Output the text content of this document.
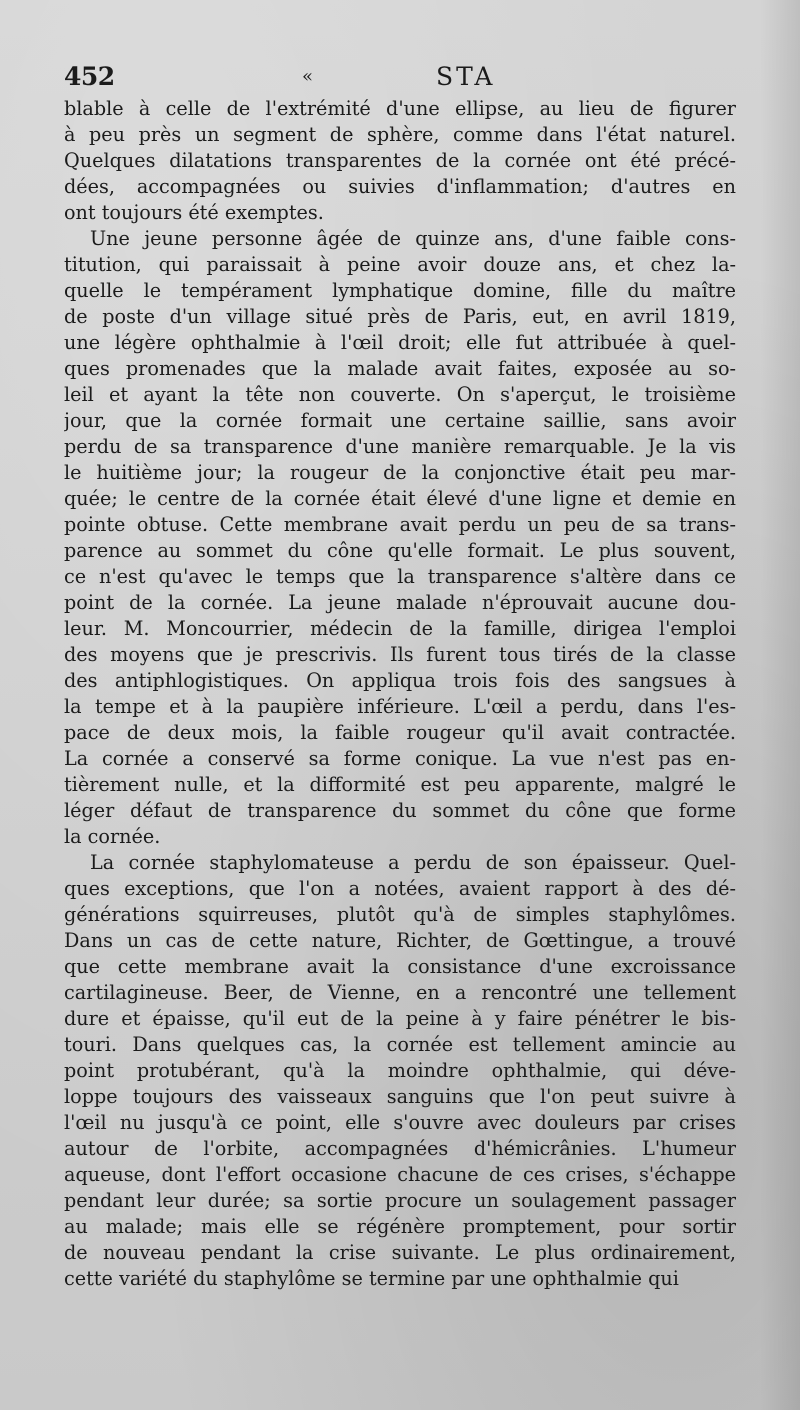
452	«	STA
blable à celle de l'extrémité d'une ellipse, au lieu de figurer
à peu près un segment de sphère, comme dans l'état naturel.
Quelques dilatations transparentes de la cornée ont été précé-
dées, accompagnées ou suivies d'inflammation; d'autres en
ont toujours été exemptes.
Une jeune personne âgée de quinze ans, d'une faible cons-
titution, qui paraissait à peine avoir douze ans, et chez la-
quelle le tempérament lymphatique domine, fille du maître
de poste d'un village situé près de Paris, eut, en avril 1819,
une légère ophthalmie à l'œil droit; elle fut attribuée à quel-
ques promenades que la malade avait faites, exposée au so-
leil et ayant la tête non couverte. On s'aperçut, le troisième
jour, que la cornée formait une certaine saillie, sans avoir
perdu de sa transparence d'une manière remarquable. Je la vis
le huitième jour; la rougeur de la conjonctive était peu mar-
quée; le centre de la cornée était élevé d'une ligne et demie en
pointe obtuse. Cette membrane avait perdu un peu de sa trans-
parence au sommet du cône qu'elle formait. Le plus souvent,
ce n'est qu'avec le temps que la transparence s'altère dans ce
point de la cornée. La jeune malade n'éprouvait aucune dou-
leur. M. Moncourrier, médecin de la famille, dirigea l'emploi
des moyens que je prescrivis. Ils furent tous tirés de la classe
des antiphlogistiques. On appliqua trois fois des sangsues à
la tempe et à la paupière inférieure. L'œil a perdu, dans l'es-
pace de deux mois, la faible rougeur qu'il avait contractée.
La cornée a conservé sa forme conique. La vue n'est pas en-
tièrement nulle, et la difformité est peu apparente, malgré le
léger défaut de transparence du sommet du cône que forme
la cornée.
La cornée staphylomateuse a perdu de son épaisseur. Quel-
ques exceptions, que l'on a notées, avaient rapport à des dé-
générations squirreuses, plutôt qu'à de simples staphylômes.
Dans un cas de cette nature, Richter, de Gœttingue, a trouvé
que cette membrane avait la consistance d'une excroissance
cartilagineuse. Beer, de Vienne, en a rencontré une tellement
dure et épaisse, qu'il eut de la peine à y faire pénétrer le bis-
touri. Dans quelques cas, la cornée est tellement amincie au
point protubérant, qu'à la moindre ophthalmie, qui déve-
loppe toujours des vaisseaux sanguins que l'on peut suivre à
l'œil nu jusqu'à ce point, elle s'ouvre avec douleurs par crises
autour de l'orbite, accompagnées d'hémicrânies. L'humeur
aqueuse, dont l'effort occasione chacune de ces crises, s'échappe
pendant leur durée; sa sortie procure un soulagement passager
au malade; mais elle se régénère promptement, pour sortir
de nouveau pendant la crise suivante. Le plus ordinairement,
cette variété du staphylôme se termine par une ophthalmie qui
